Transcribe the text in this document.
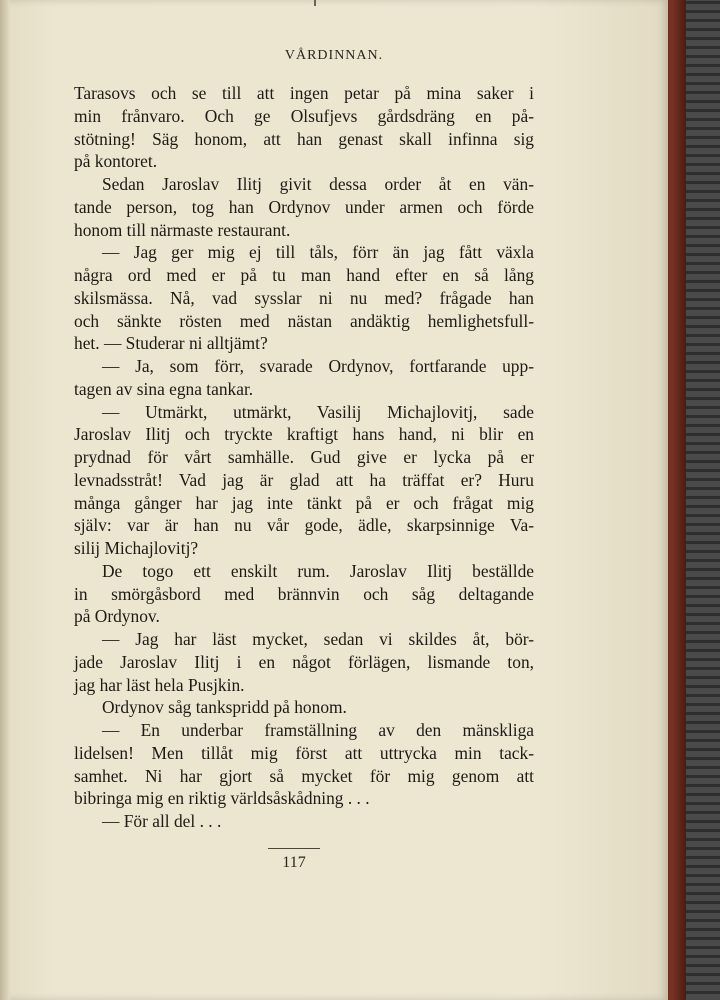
VÅRDINNAN.
Tarasovs och se till att ingen petar på mina saker i
min frånvaro. Och ge Olsufjevs gårdsdräng en på-
stötning! Säg honom, att han genast skall infinna sig
på kontoret.
Sedan Jaroslav Ilitj givit dessa order åt en vän-
tande person, tog han Ordynov under armen och förde
honom till närmaste restaurant.
— Jag ger mig ej till tåls, förr än jag fått växla
några ord med er på tu man hand efter en så lång
skilsmässa. Nå, vad sysslar ni nu med? frågade han
och sänkte rösten med nästan andäktig hemlighetsfull-
het. — Studerar ni alltjämt?
— Ja, som förr, svarade Ordynov, fortfarande upp-
tagen av sina egna tankar.
— Utmärkt, utmärkt, Vasilij Michajlovitj, sade
Jaroslav Ilitj och tryckte kraftigt hans hand, ni blir en
prydnad för vårt samhälle. Gud give er lycka på er
levnadsstråt! Vad jag är glad att ha träffat er? Huru
många gånger har jag inte tänkt på er och frågat mig
själv: var är han nu vår gode, ädle, skarpsinnige Va-
silij Michajlovitj?
De togo ett enskilt rum. Jaroslav Ilitj beställde
in smörgåsbord med brännvin och såg deltagande
på Ordynov.
— Jag har läst mycket, sedan vi skildes åt, bör-
jade Jaroslav Ilitj i en något förlägen, lismande ton,
jag har läst hela Pusjkin.
Ordynov såg tankspridd på honom.
— En underbar framställning av den mänskliga
lidelsen! Men tillåt mig först att uttrycka min tack-
samhet. Ni har gjort så mycket för mig genom att
bibringa mig en riktig världsåskådning . . .
— För all del . . .
117
